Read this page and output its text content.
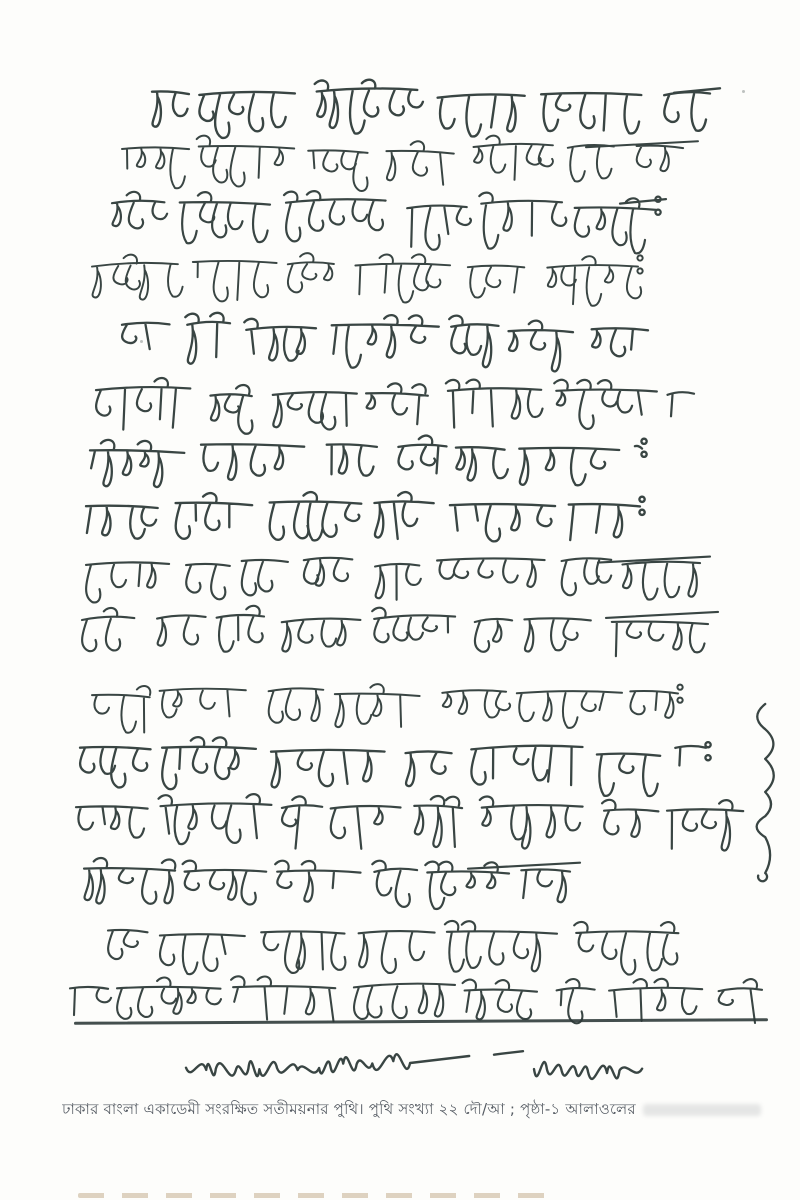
ঢাকার বাংলা একাডেমী সংরক্ষিত সতীময়নার পুথি। পুথি সংখ্যা ২২ দৌ/আ ; পৃষ্ঠা-১ আলাওলের
